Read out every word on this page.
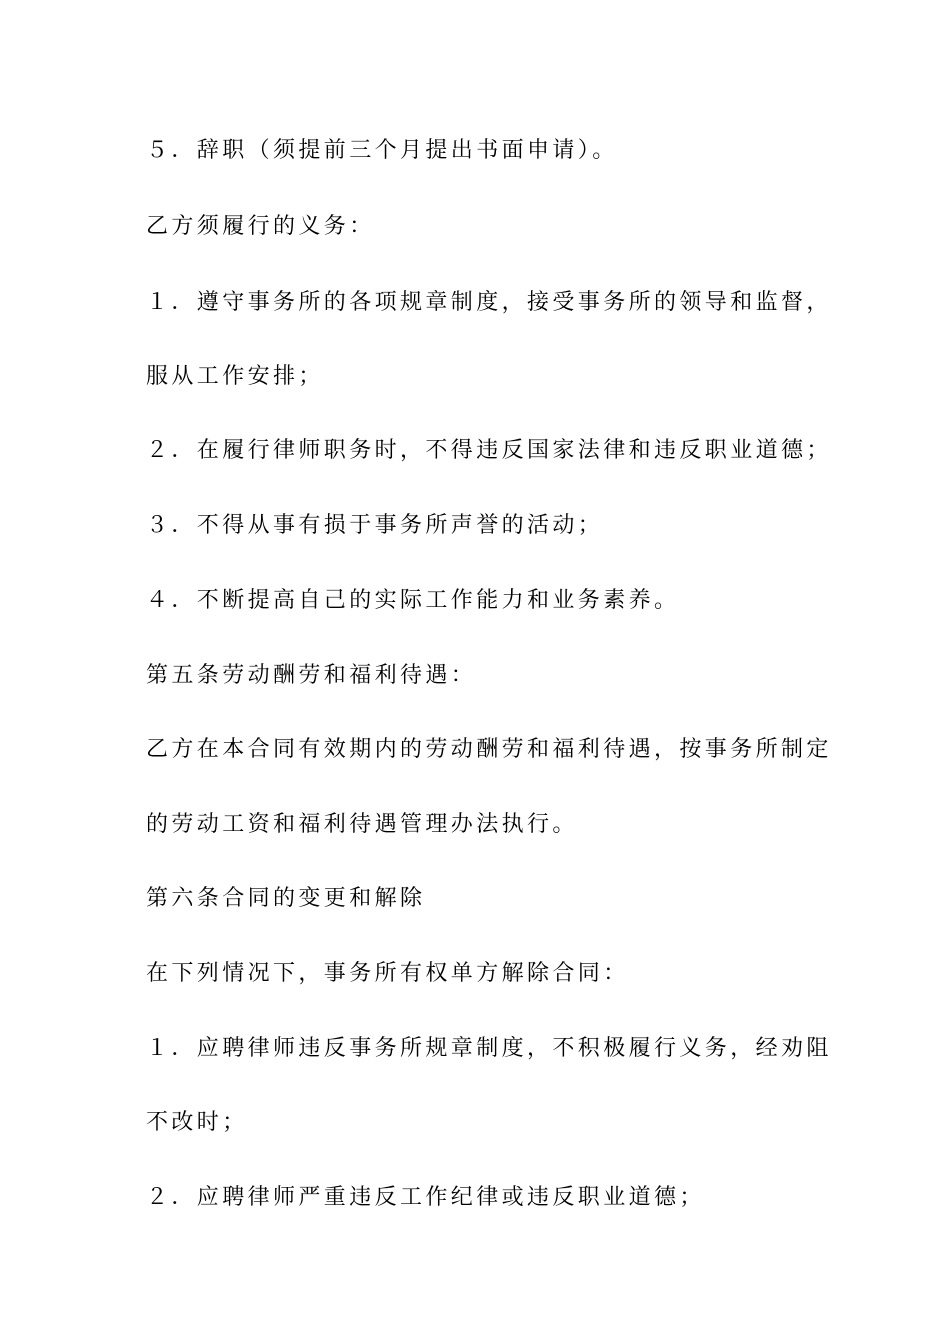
５．辞职（须提前三个月提出书面申请）。
乙方须履行的义务：
１．遵守事务所的各项规章制度，接受事务所的领导和监督，
服从工作安排；
２．在履行律师职务时，不得违反国家法律和违反职业道德；
３．不得从事有损于事务所声誉的活动；
４．不断提高自己的实际工作能力和业务素养。
第五条劳动酬劳和福利待遇：
乙方在本合同有效期内的劳动酬劳和福利待遇，按事务所制定
的劳动工资和福利待遇管理办法执行。
第六条合同的变更和解除
在下列情况下，事务所有权单方解除合同：
１．应聘律师违反事务所规章制度，不积极履行义务，经劝阻
不改时；
２．应聘律师严重违反工作纪律或违反职业道德；
